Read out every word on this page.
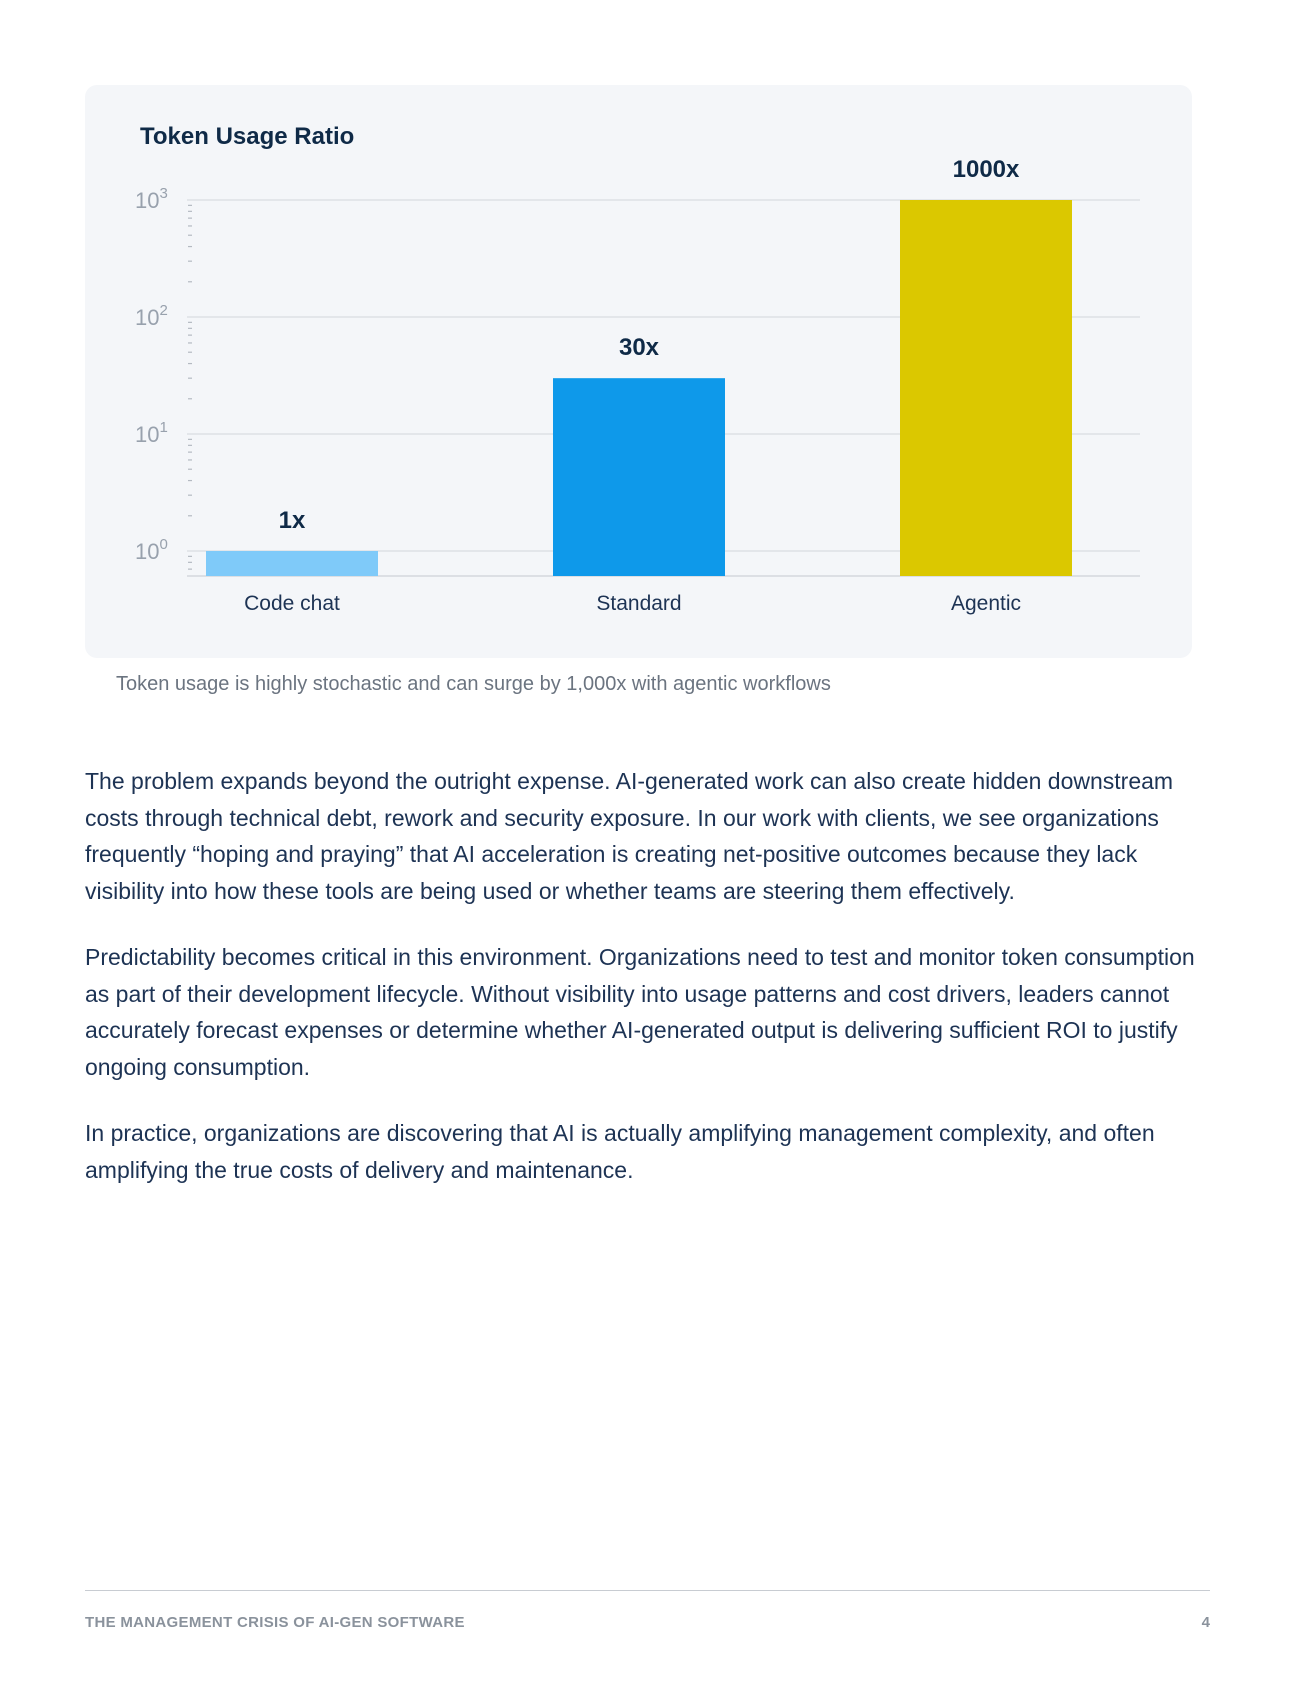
Token Usage Ratio
$10^0$
$10^1$
$10^2$
$10^3$
1x
30x
1000x
Code chat	Standard	Agentic

Token usage is highly stochastic and can surge by 1,000x with agentic workflows

The problem expands beyond the outright expense. AI-generated work can also create hidden downstream costs through technical debt, rework and security exposure. In our work with clients, we see organizations frequently “hoping and praying” that AI acceleration is creating net-positive outcomes because they lack visibility into how these tools are being used or whether teams are steering them effectively.

Predictability becomes critical in this environment. Organizations need to test and monitor token consumption as part of their development lifecycle. Without visibility into usage patterns and cost drivers, leaders cannot accurately forecast expenses or determine whether AI-generated output is delivering sufficient ROI to justify ongoing consumption.

In practice, organizations are discovering that AI is actually amplifying management complexity, and often amplifying the true costs of delivery and maintenance.

THE MANAGEMENT CRISIS OF AI-GEN SOFTWARE	4
